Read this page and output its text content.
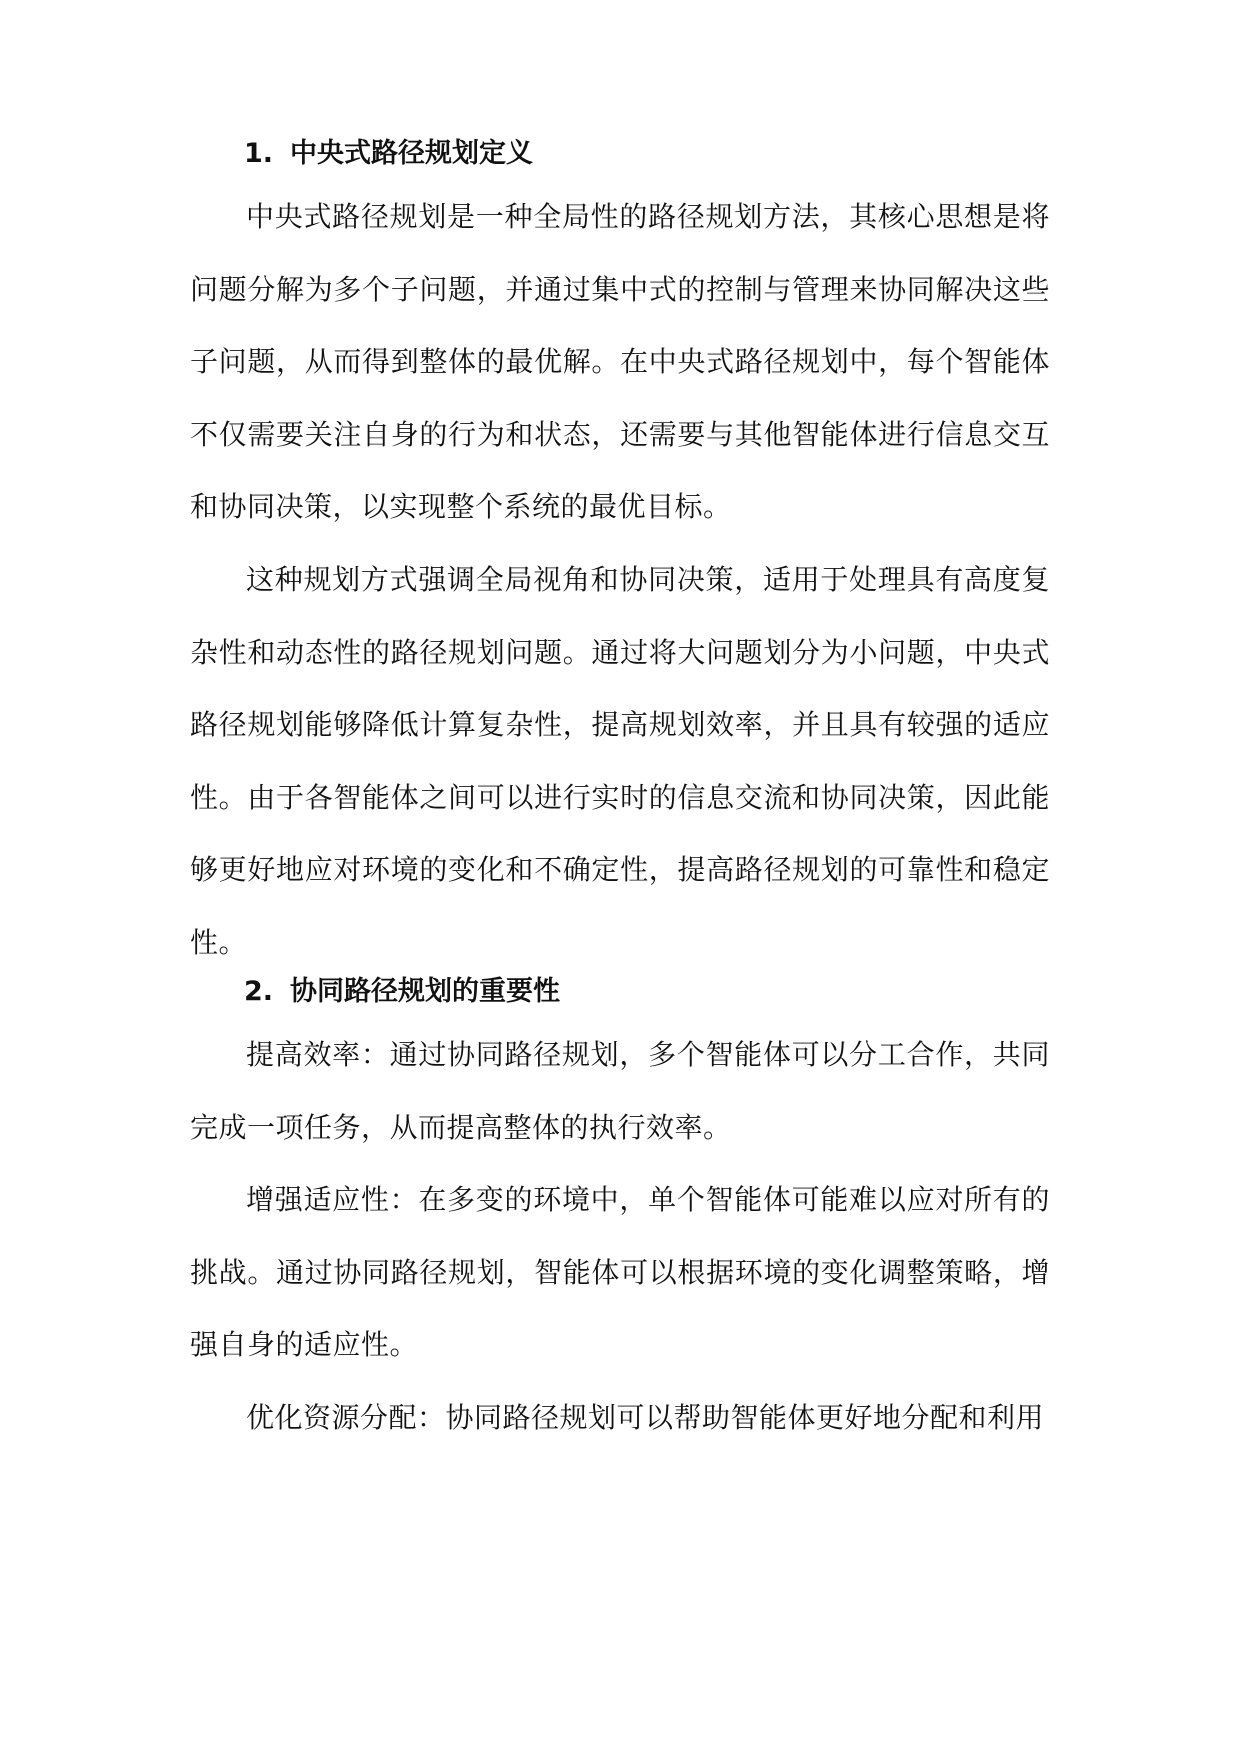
1. 中央式路径规划定义

中央式路径规划是一种全局性的路径规划方法，其核心思想是将问题分解为多个子问题，并通过集中式的控制与管理来协同解决这些子问题，从而得到整体的最优解。在中央式路径规划中，每个智能体不仅需要关注自身的行为和状态，还需要与其他智能体进行信息交互和协同决策，以实现整个系统的最优目标。

这种规划方式强调全局视角和协同决策，适用于处理具有高度复杂性和动态性的路径规划问题。通过将大问题划分为小问题，中央式路径规划能够降低计算复杂性，提高规划效率，并且具有较强的适应性。由于各智能体之间可以进行实时的信息交流和协同决策，因此能够更好地应对环境的变化和不确定性，提高路径规划的可靠性和稳定性。

2. 协同路径规划的重要性

提高效率：通过协同路径规划，多个智能体可以分工合作，共同完成一项任务，从而提高整体的执行效率。

增强适应性：在多变的环境中，单个智能体可能难以应对所有的挑战。通过协同路径规划，智能体可以根据环境的变化调整策略，增强自身的适应性。

优化资源分配：协同路径规划可以帮助智能体更好地分配和利用
